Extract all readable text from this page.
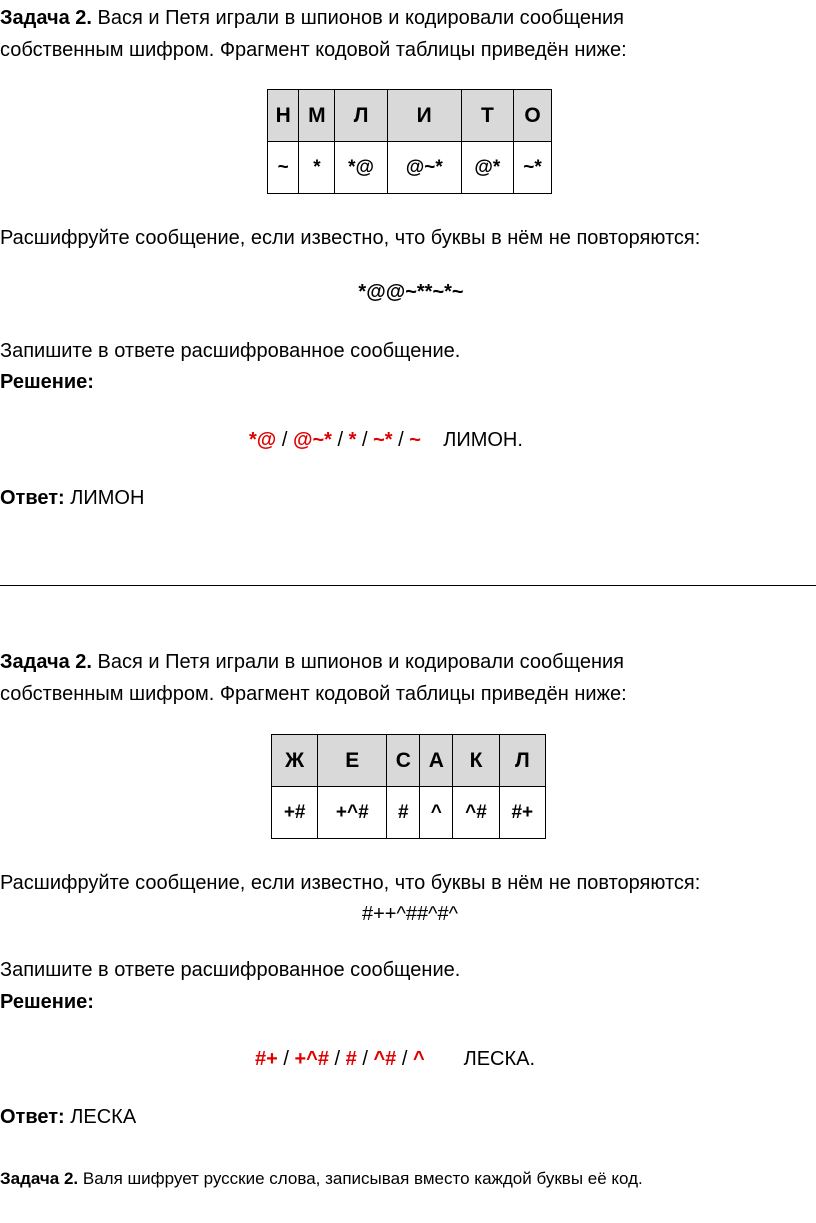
Задача 2. Вася и Петя играли в шпионов и кодировали сообщения
собственным шифром. Фрагмент кодовой таблицы приведён ниже:
Н	М	Л	И	Т	О
~	*	*@	@~*	@*	~*
Расшифруйте сообщение, если известно, что буквы в нём не повторяются:
*@@~**~*~
Запишите в ответе расшифрованное сообщение.
Решение:
*@ / @~* / * / ~* / ~ ЛИМОН.
Ответ: ЛИМОН
Задача 2. Вася и Петя играли в шпионов и кодировали сообщения
собственным шифром. Фрагмент кодовой таблицы приведён ниже:
Ж	Е	С	А	К	Л
+#	+^#	#	^	^#	#+
Расшифруйте сообщение, если известно, что буквы в нём не повторяются:
#++^##^#^
Запишите в ответе расшифрованное сообщение.
Решение:
#+ / +^# / # / ^# / ^ ЛЕСКА.
Ответ: ЛЕСКА
Задача 2. Валя шифрует русские слова, записывая вместо каждой буквы её код.
